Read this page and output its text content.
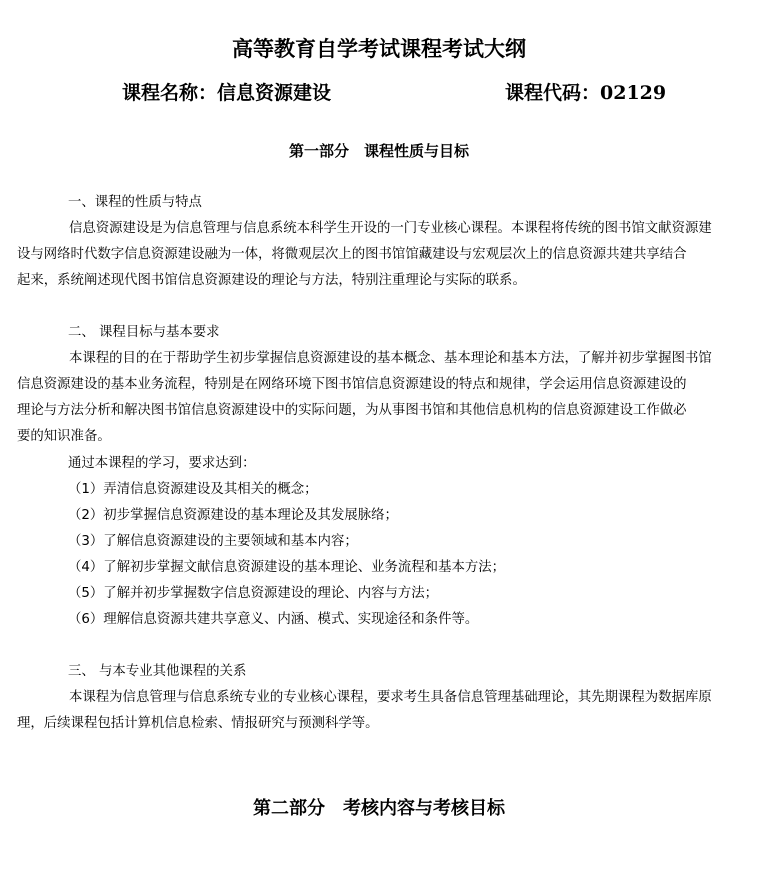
高等教育自学考试课程考试大纲
课程名称：信息资源建设	课程代码：02129
第一部分　课程性质与目标
一、课程的性质与特点
信息资源建设是为信息管理与信息系统本科学生开设的一门专业核心课程。本课程将传统的图书馆文献资源建
设与网络时代数字信息资源建设融为一体，将微观层次上的图书馆馆藏建设与宏观层次上的信息资源共建共享结合
起来，系统阐述现代图书馆信息资源建设的理论与方法，特别注重理论与实际的联系。
二、 课程目标与基本要求
本课程的目的在于帮助学生初步掌握信息资源建设的基本概念、基本理论和基本方法，了解并初步掌握图书馆
信息资源建设的基本业务流程，特别是在网络环境下图书馆信息资源建设的特点和规律，学会运用信息资源建设的
理论与方法分析和解决图书馆信息资源建设中的实际问题，为从事图书馆和其他信息机构的信息资源建设工作做必
要的知识准备。
通过本课程的学习，要求达到：
（1）弄清信息资源建设及其相关的概念；
（2）初步掌握信息资源建设的基本理论及其发展脉络；
（3）了解信息资源建设的主要领域和基本内容；
（4）了解初步掌握文献信息资源建设的基本理论、业务流程和基本方法；
（5）了解并初步掌握数字信息资源建设的理论、内容与方法；
（6）理解信息资源共建共享意义、内涵、模式、实现途径和条件等。
三、 与本专业其他课程的关系
本课程为信息管理与信息系统专业的专业核心课程，要求考生具备信息管理基础理论，其先期课程为数据库原
理，后续课程包括计算机信息检索、情报研究与预测科学等。
第二部分　考核内容与考核目标
